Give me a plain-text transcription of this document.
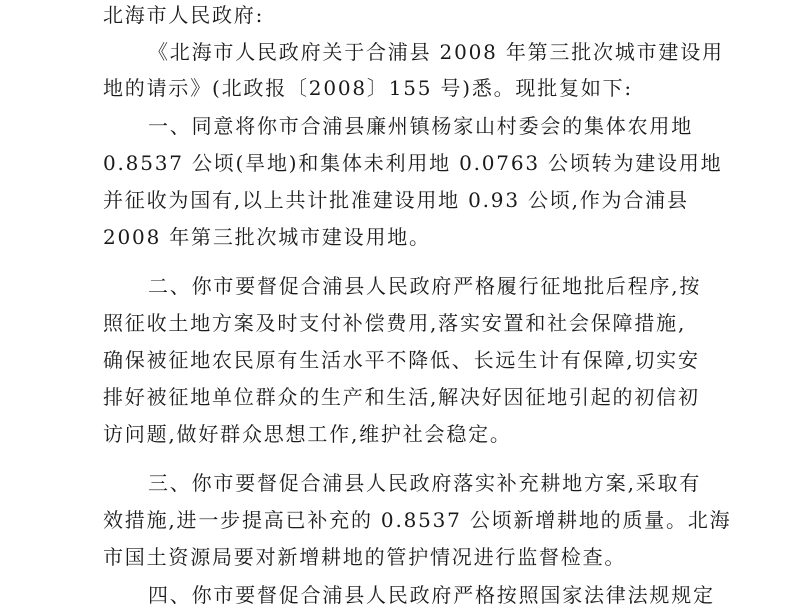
北海市人民政府:
《北海市人民政府关于合浦县 2008 年第三批次城市建设用
地的请示》(北政报〔2008〕155 号)悉。现批复如下:
一、同意将你市合浦县廉州镇杨家山村委会的集体农用地
0.8537 公顷(旱地)和集体未利用地 0.0763 公顷转为建设用地
并征收为国有,以上共计批准建设用地 0.93 公顷,作为合浦县
2008 年第三批次城市建设用地。
二、你市要督促合浦县人民政府严格履行征地批后程序,按
照征收土地方案及时支付补偿费用,落实安置和社会保障措施,
确保被征地农民原有生活水平不降低、长远生计有保障,切实安
排好被征地单位群众的生产和生活,解决好因征地引起的初信初
访问题,做好群众思想工作,维护社会稳定。
三、你市要督促合浦县人民政府落实补充耕地方案,采取有
效措施,进一步提高已补充的 0.8537 公顷新增耕地的质量。北海
市国土资源局要对新增耕地的管护情况进行监督检查。
四、你市要督促合浦县人民政府严格按照国家法律法规规定
